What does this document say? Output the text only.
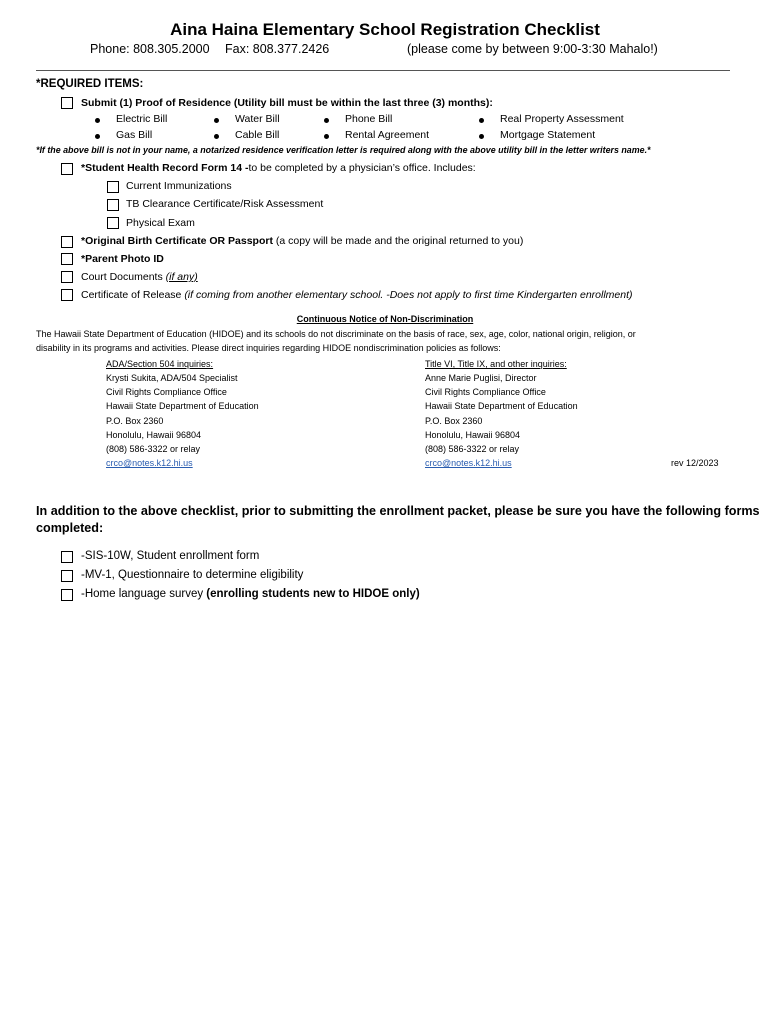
Aina Haina Elementary School Registration Checklist
Phone: 808.305.2000 Fax: 808.377.2426	(please come by between 9:00-3:30 Mahalo!)
*REQUIRED ITEMS:
Submit (1) Proof of Residence (Utility bill must be within the last three (3) months):
Electric Bill	Water Bill	Phone Bill	Real Property Assessment
Gas Bill	Cable Bill	Rental Agreement	Mortgage Statement
*If the above bill is not in your name, a notarized residence verification letter is required along with the above utility bill in the letter writers name.*
*Student Health Record Form 14 -to be completed by a physician’s office. Includes:
Current Immunizations
TB Clearance Certificate/Risk Assessment
Physical Exam
*Original Birth Certificate OR Passport (a copy will be made and the original returned to you)
*Parent Photo ID
Court Documents (if any)
Certificate of Release (if coming from another elementary school. -Does not apply to first time Kindergarten enrollment)
Continuous Notice of Non-Discrimination
The Hawaii State Department of Education (HIDOE) and its schools do not discriminate on the basis of race, sex, age, color, national origin, religion, or
disability in its programs and activities. Please direct inquiries regarding HIDOE nondiscrimination policies as follows:
ADA/Section 504 inquiries:
Krysti Sukita, ADA/504 Specialist
Civil Rights Compliance Office
Hawaii State Department of Education
P.O. Box 2360
Honolulu, Hawaii 96804
(808) 586-3322 or relay
crco@notes.k12.hi.us
Title VI, Title IX, and other inquiries:
Anne Marie Puglisi, Director
Civil Rights Compliance Office
Hawaii State Department of Education
P.O. Box 2360
Honolulu, Hawaii 96804
(808) 586-3322 or relay
crco@notes.k12.hi.us	rev 12/2023
In addition to the above checklist, prior to submitting the enrollment packet, please be sure you have the following forms
completed:
-SIS-10W, Student enrollment form
-MV-1, Questionnaire to determine eligibility
-Home language survey (enrolling students new to HIDOE only)
